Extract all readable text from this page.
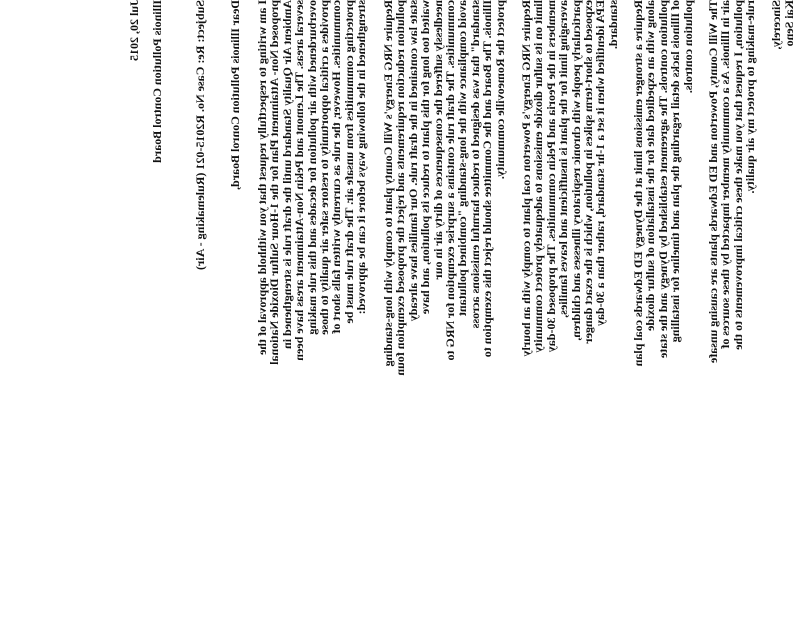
Jul 20, 2015 Illinois Pollution Control Board Subject: Re: Case No. R2015-021 (Rulemaking - Air) Dear Illinois Pollution Conrol Board, I am writing to respectfully request that you withhold approval of the
proposed Non- Attainment Plan for the 1-Hour Sulfur Dioxide National
Ambient Air Quality Standard until the draft rule is strengthened in
several areas. The Lemont and Pekin Non-Attainment areas have been
overburdened with air pollution for decades and this rule making
provides a critical opportunity to restore safer air quality to those
communities. However, the rule as currently written falls short of
protecting communities from unsafe air. The draft rule must be
strengthened in the following ways before it can be approved: Require NRG Energy's Will County plant to comply with long-standing
pollution reduction requirements and reject the proposed exemption foun
state law contained in the draft rule. Our families have already
waited too long for this plant to reduce its pollution, and have
needlessly suffered the consequences of dirty air in our
communities. The draft rule contains a surprise exemption for NRG to
avoid compliance with the long-standing "combined pollutant
standard" that was designed to reduce harmful emissions across
Illinois. The Board and the Committee should reject this exemption to
protect the Romeoville community. Require NRG Energy's Powerton coal plant to comply with an hourly
limit on its sulfur dioxide emissions to adequately protect community
members in the Peoria and Pekin communities. The proposed 30-day
averaging limit for the plant is insufficient and leaves families,
particularly people with chronic respiratory illnesses and children,
exposed to short-term spikes in pollution, which is the exact danger
EPA identified when it set a 1-hr standard, rather than a 30-day
standard. Require a stronger emissions limit at the Dynegy ED Edwards coal plan
along with an expedited date for the installation of sulfur dioxide
pollution controls. The agreement established by Dynegy and the state
of Illinois lacks detail regarding the plan and timeline for installing
pollution controls. The Will County, Powerton and ED Edwards plants are causing unsafe
air in Illinois. As a community member impacted by these sources of
pollution, I request that you make these critical improvements to the
rule-making to protect my air quality. Sincerely, Kai Seno
